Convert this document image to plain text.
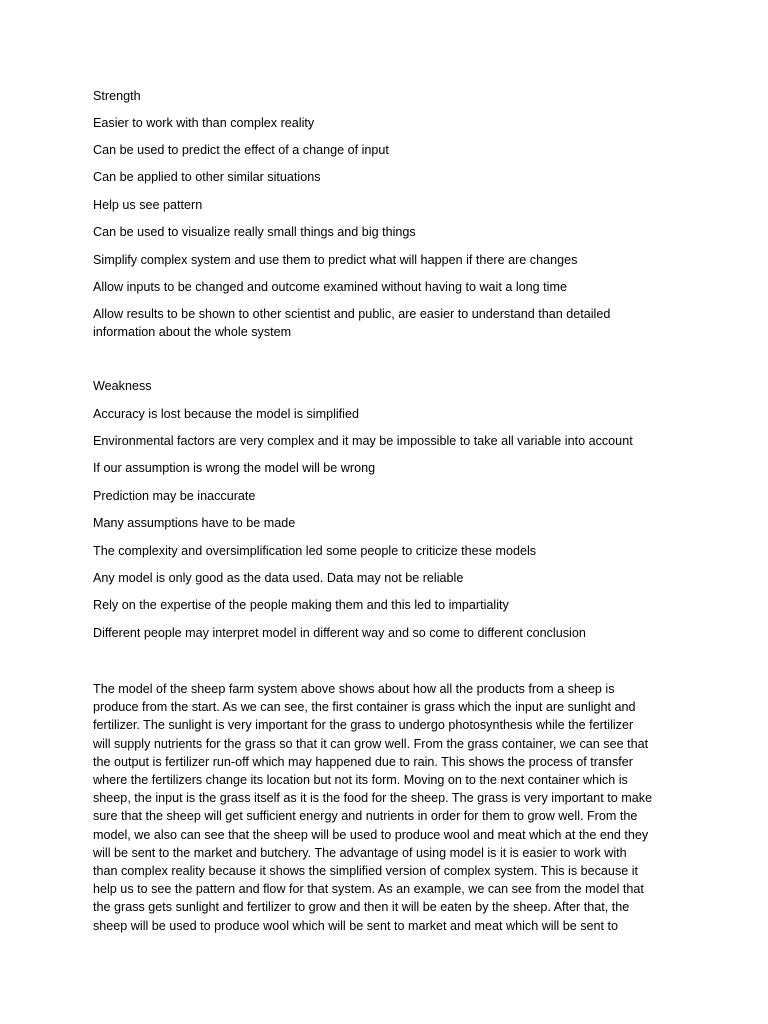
Strength
Easier to work with than complex reality
Can be used to predict the effect of a change of input
Can be applied to other similar situations
Help us see pattern
Can be used to visualize really small things and big things
Simplify complex system and use them to predict what will happen if there are changes
Allow inputs to be changed and outcome examined without having to wait a long time
Allow results to be shown to other scientist and public, are easier to understand than detailed
information about the whole system
Weakness
Accuracy is lost because the model is simplified
Environmental factors are very complex and it may be impossible to take all variable into account
If our assumption is wrong the model will be wrong
Prediction may be inaccurate
Many assumptions have to be made
The complexity and oversimplification led some people to criticize these models
Any model is only good as the data used. Data may not be reliable
Rely on the expertise of the people making them and this led to impartiality
Different people may interpret model in different way and so come to different conclusion

The model of the sheep farm system above shows about how all the products from a sheep is
produce from the start. As we can see, the first container is grass which the input are sunlight and
fertilizer. The sunlight is very important for the grass to undergo photosynthesis while the fertilizer
will supply nutrients for the grass so that it can grow well. From the grass container, we can see that
the output is fertilizer run-off which may happened due to rain. This shows the process of transfer
where the fertilizers change its location but not its form. Moving on to the next container which is
sheep, the input is the grass itself as it is the food for the sheep. The grass is very important to make
sure that the sheep will get sufficient energy and nutrients in order for them to grow well. From the
model, we also can see that the sheep will be used to produce wool and meat which at the end they
will be sent to the market and butchery. The advantage of using model is it is easier to work with
than complex reality because it shows the simplified version of complex system. This is because it
help us to see the pattern and flow for that system. As an example, we can see from the model that
the grass gets sunlight and fertilizer to grow and then it will be eaten by the sheep. After that, the
sheep will be used to produce wool which will be sent to market and meat which will be sent to
